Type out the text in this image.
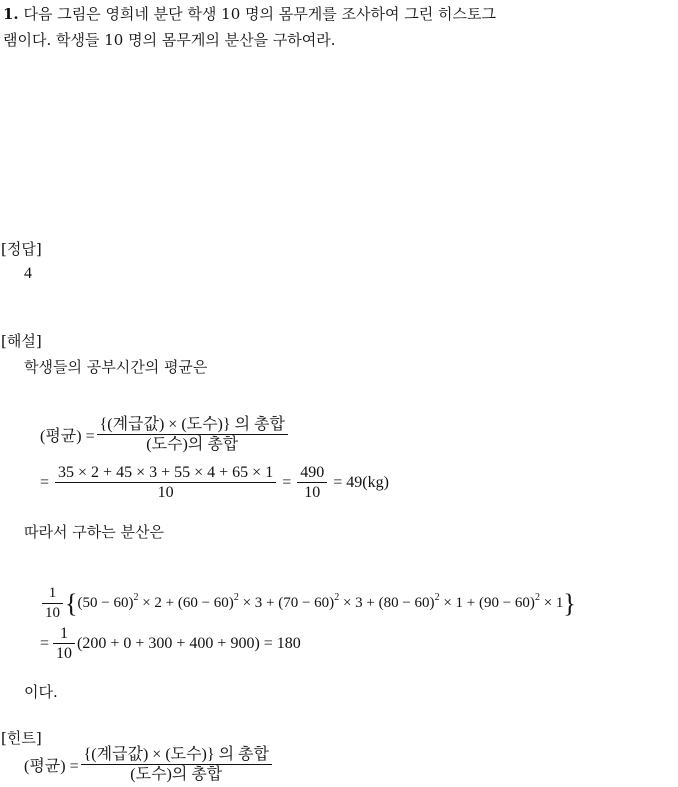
1. 다음 그림은 영희네 분단 학생 10 명의 몸무게를 조사하여 그린 히스토그
램이다. 학생들 10 명의 몸무게의 분산을 구하여라.
[정답]
4
[해설]
학생들의 공부시간의 평균은
(평균) = $\frac{\text{\{(계급값) × (도수)\} 의 총합}}{\text{(도수)의 총합}}$
= $\frac{35 \times 2 + 45 \times 3 + 55 \times 4 + 65 \times 1}{10} = \frac{490}{10} = 49(kg)$
따라서 구하는 분산은
$\frac{1}{10}$ { $(50 - 60)^2 \times 2 + (60 - 60)^2 \times 3 + (70 - 60)^2 \times 3 + (80 - 60)^2 \times 1 + (90 - 60)^2 \times 1$ }
= $\frac{1}{10} (200 + 0 + 300 + 400 + 900) = 180$
이다.
[힌트]
(평균) = $\frac{\text{\{(계급값) × (도수)\} 의 총합}}{\text{(도수)의 총합}}$
